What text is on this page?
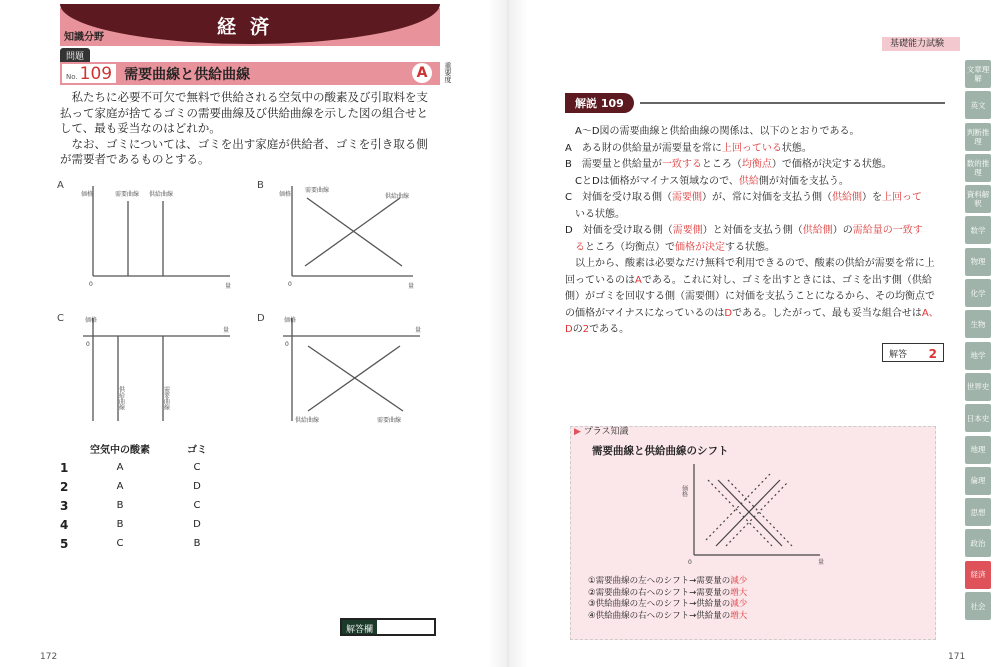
経済
知識分野
問題
No. 109 需要曲線と供給曲線	A	重要度

私たちに必要不可欠で無料で供給される空気中の酸素及び引取料を支払って家庭が捨てるゴミの需要曲線及び供給曲線を示した図の組合せとして、最も妥当なのはどれか。

なお、ゴミについては、ゴミを出す家庭が供給者、ゴミを引き取る側が需要者であるものとする。

A	B
C	D
価格	需要曲線 供給曲線
0	量
価格
需要曲線
供給曲線
0	量
価格
量
0
供給曲線	需要曲線
価格
量
0
供給曲線	需要曲線
	空気中の酸素	ゴミ
1	A	C
2	A	D
3	B	C
4	B	D
5	C	B
解答欄
172
基礎能力試験
解説 109
　A～D図の需要曲線と供給曲線の関係は、以下のとおりである。
A　ある財の供給量が需要量を常に上回っている状態。
B　需要量と供給量が一致するところ（均衡点）で価格が決定する状態。
　CとDは価格がマイナス領域なので、供給側が対価を支払う。
C　対価を受け取る側（需要側）が、常に対価を支払う側（供給側）を上回って
　いる状態。
D　対価を受け取る側（需要側）と対価を支払う側（供給側）の需給量の一致す
　るところ（均衡点）で価格が決定する状態。
　以上から、酸素は必要なだけ無料で利用できるので、酸素の供給が需要を常に上
回っているのはAである。これに対し、ゴミを出すときには、ゴミを出す側（供給
側）がゴミを回収する側（需要側）に対価を支払うことになるから、その均衡点で
の価格がマイナスになっているのはDである。したがって、最も妥当な組合せはA、
Dの2である。
解答 2
▶ プラス知識
需要曲線と供給曲線のシフト
価格
0	量
①需要曲線の左へのシフト→需要量の減少
②需要曲線の右へのシフト→需要量の増大
③供給曲線の左へのシフト→供給量の減少
④供給曲線の右へのシフト→供給量の増大
文章理解
英文
判断推理
数的推理
資料解釈
数学
物理
化学
生物
地学
世界史
日本史
地理
倫理
思想
政治
経済
社会
171
